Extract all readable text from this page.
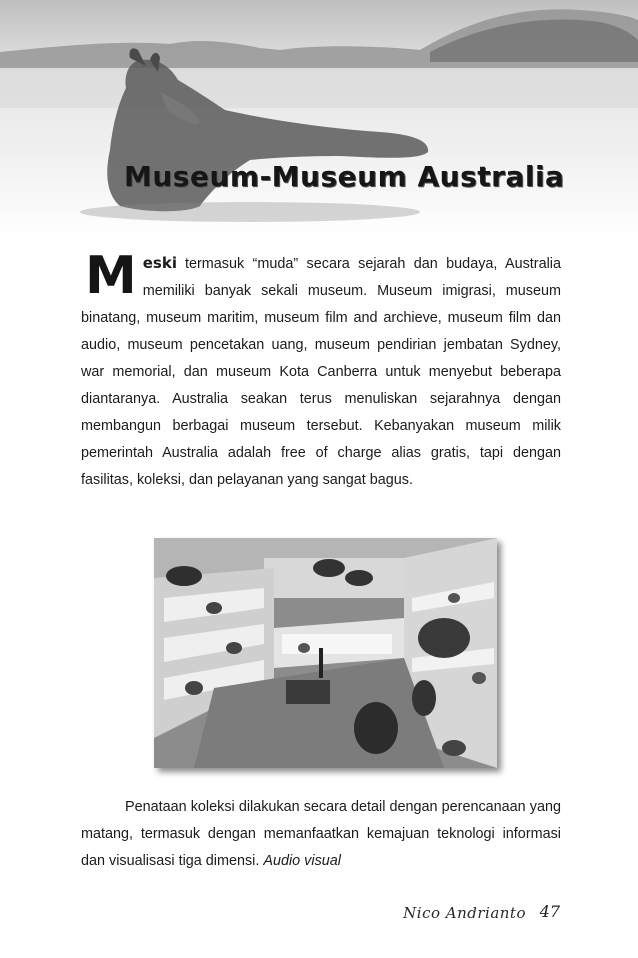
Museum-Museum Australia
Meski termasuk “muda” secara sejarah dan budaya, Australia memiliki banyak sekali museum. Museum imigrasi, museum binatang, museum maritim, museum film and archieve, museum film dan audio, museum pencetakan uang, museum pendirian jembatan Sydney, war memorial, dan museum Kota Canberra untuk menyebut beberapa diantaranya. Australia seakan terus menuliskan sejarahnya dengan membangun berbagai museum tersebut. Kebanyakan museum milik pemerintah Australia adalah free of charge alias gratis, tapi dengan fasilitas, koleksi, dan pelayanan yang sangat bagus.
Penataan koleksi dilakukan secara detail dengan perencanaan yang matang, termasuk dengan memanfaatkan kemajuan teknologi informasi dan visualisasi tiga dimensi. Audio visual
Nico Andrianto 47
